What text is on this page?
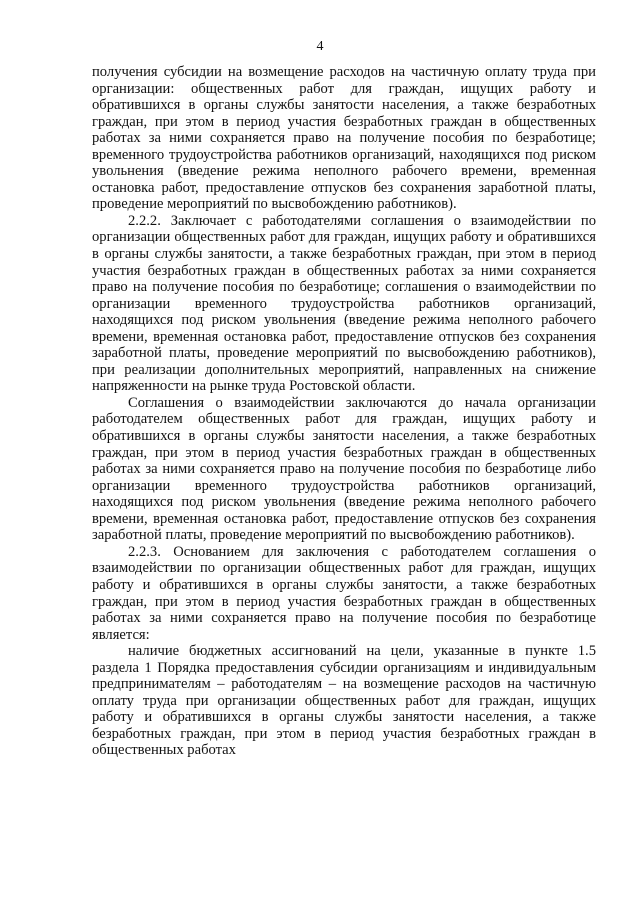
4

получения субсидии на возмещение расходов на частичную оплату труда при организации: общественных работ для граждан, ищущих работу и обратившихся в органы службы занятости населения, а также безработных граждан, при этом в период участия безработных граждан в общественных работах за ними сохраняется право на получение пособия по безработице; временного трудоустройства работников организаций, находящихся под риском увольнения (введение режима неполного рабочего времени, временная остановка работ, предоставление отпусков без сохранения заработной платы, проведение мероприятий по высвобождению работников).

2.2.2. Заключает с работодателями соглашения о взаимодействии по организации общественных работ для граждан, ищущих работу и обратившихся в органы службы занятости, а также безработных граждан, при этом в период участия безработных граждан в общественных работах за ними сохраняется право на получение пособия по безработице; соглашения о взаимодействии по организации временного трудоустройства работников организаций, находящихся под риском увольнения (введение режима неполного рабочего времени, временная остановка работ, предоставление отпусков без сохранения заработной платы, проведение мероприятий по высвобождению работников), при реализации дополнительных мероприятий, направленных на снижение напряженности на рынке труда Ростовской области.

Соглашения о взаимодействии заключаются до начала организации работодателем общественных работ для граждан, ищущих работу и обратившихся в органы службы занятости населения, а также безработных граждан, при этом в период участия безработных граждан в общественных работах за ними сохраняется право на получение пособия по безработице либо организации временного трудоустройства работников организаций, находящихся под риском увольнения (введение режима неполного рабочего времени, временная остановка работ, предоставление отпусков без сохранения заработной платы, проведение мероприятий по высвобождению работников).

2.2.3. Основанием для заключения с работодателем соглашения о взаимодействии по организации общественных работ для граждан, ищущих работу и обратившихся в органы службы занятости, а также безработных граждан, при этом в период участия безработных граждан в общественных работах за ними сохраняется право на получение пособия по безработице является:

наличие бюджетных ассигнований на цели, указанные в пункте 1.5 раздела 1 Порядка предоставления субсидии организациям и индивидуальным предпринимателям – работодателям – на возмещение расходов на частичную оплату труда при организации общественных работ для граждан, ищущих работу и обратившихся в органы службы занятости населения, а также безработных граждан, при этом в период участия безработных граждан в общественных работах
